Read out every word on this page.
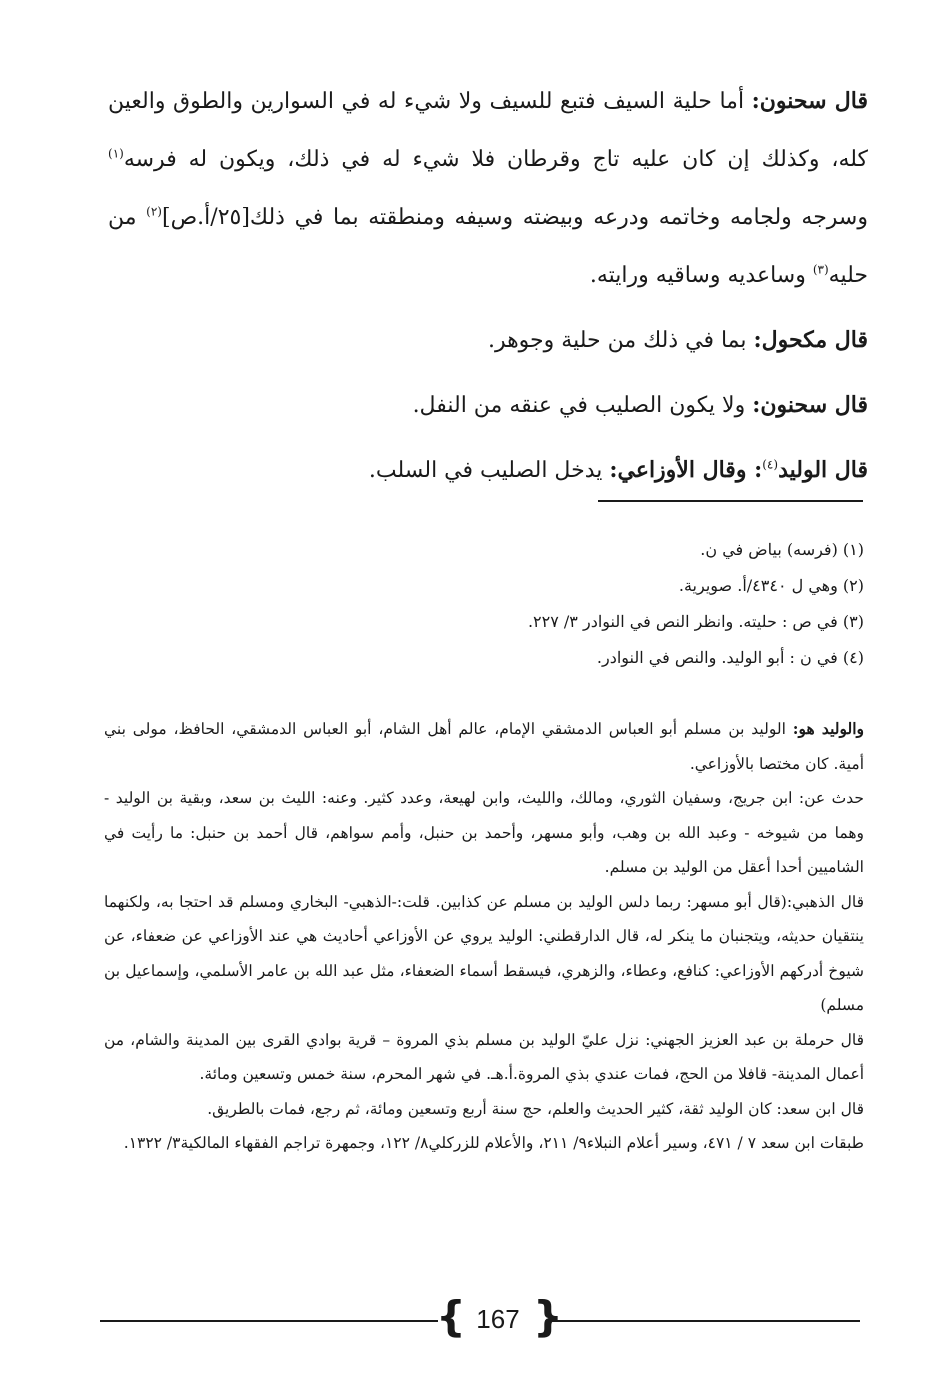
قال سحنون: أما حلية السيف فتبع للسيف ولا شيء له في السوارين والطوق والعين كله، وكذلك إن كان عليه تاج وقرطان فلا شيء له في ذلك، ويكون له فرسه$^{(١)}$ وسرجه ولجامه وخاتمه ودرعه وبيضته وسيفه ومنطقته بما في ذلك[٢٥/أ.ص]$^{(٢)}$ من حليه$^{(٣)}$ وساعديه وساقيه ورايته.

قال مكحول: بما في ذلك من حلية وجوهر.

قال سحنون: ولا يكون الصليب في عنقه من النفل.

قال الوليد$^{(٤)}$: وقال الأوزاعي: يدخل الصليب في السلب.

(١) (فرسه) بياض في ن.

(٢) وهي ل ٤٣٤٠/أ. صويرية.

(٣) في ص : حليته. وانظر النص في النوادر ٣/ ٢٢٧.

(٤) في ن : أبو الوليد. والنص في النوادر.

والوليد هو: الوليد بن مسلم أبو العباس الدمشقي الإمام، عالم أهل الشام، أبو العباس الدمشقي، الحافظ، مولى بني أمية. كان مختصا بالأوزاعي.

حدث عن: ابن جريج، وسفيان الثوري، ومالك، والليث، وابن لهيعة، وعدد كثير. وعنه: الليث بن سعد، وبقية بن الوليد - وهما من شيوخه - وعبد الله بن وهب، وأبو مسهر، وأحمد بن حنبل، وأمم سواهم، قال أحمد بن حنبل: ما رأيت في الشاميين أحدا أعقل من الوليد بن مسلم.

قال الذهبي:(قال أبو مسهر: ربما دلس الوليد بن مسلم عن كذابين. قلت:-الذهبي- البخاري ومسلم قد احتجا به، ولكنهما ينتقيان حديثه، ويتجنبان ما ينكر له، قال الدارقطني: الوليد يروي عن الأوزاعي أحاديث هي عند الأوزاعي عن ضعفاء، عن شيوخ أدركهم الأوزاعي: كنافع، وعطاء، والزهري، فيسقط أسماء الضعفاء، مثل عبد الله بن عامر الأسلمي، وإسماعيل بن مسلم)

قال حرملة بن عبد العزيز الجهني: نزل عليّ الوليد بن مسلم بذي المروة – قرية بوادي القرى بين المدينة والشام، من أعمال المدينة- قافلا من الحج، فمات عندي بذي المروة.أ.هـ. في شهر المحرم، سنة خمس وتسعين ومائة.

قال ابن سعد: كان الوليد ثقة، كثير الحديث والعلم، حج سنة أربع وتسعين ومائة، ثم رجع، فمات بالطريق.

طبقات ابن سعد ٧ / ٤٧١، وسير أعلام النبلاء٩/ ٢١١، والأعلام للزركلي٨/ ١٢٢، وجمهرة تراجم الفقهاء المالكية٣/ ١٣٢٢.

{ 167 }
